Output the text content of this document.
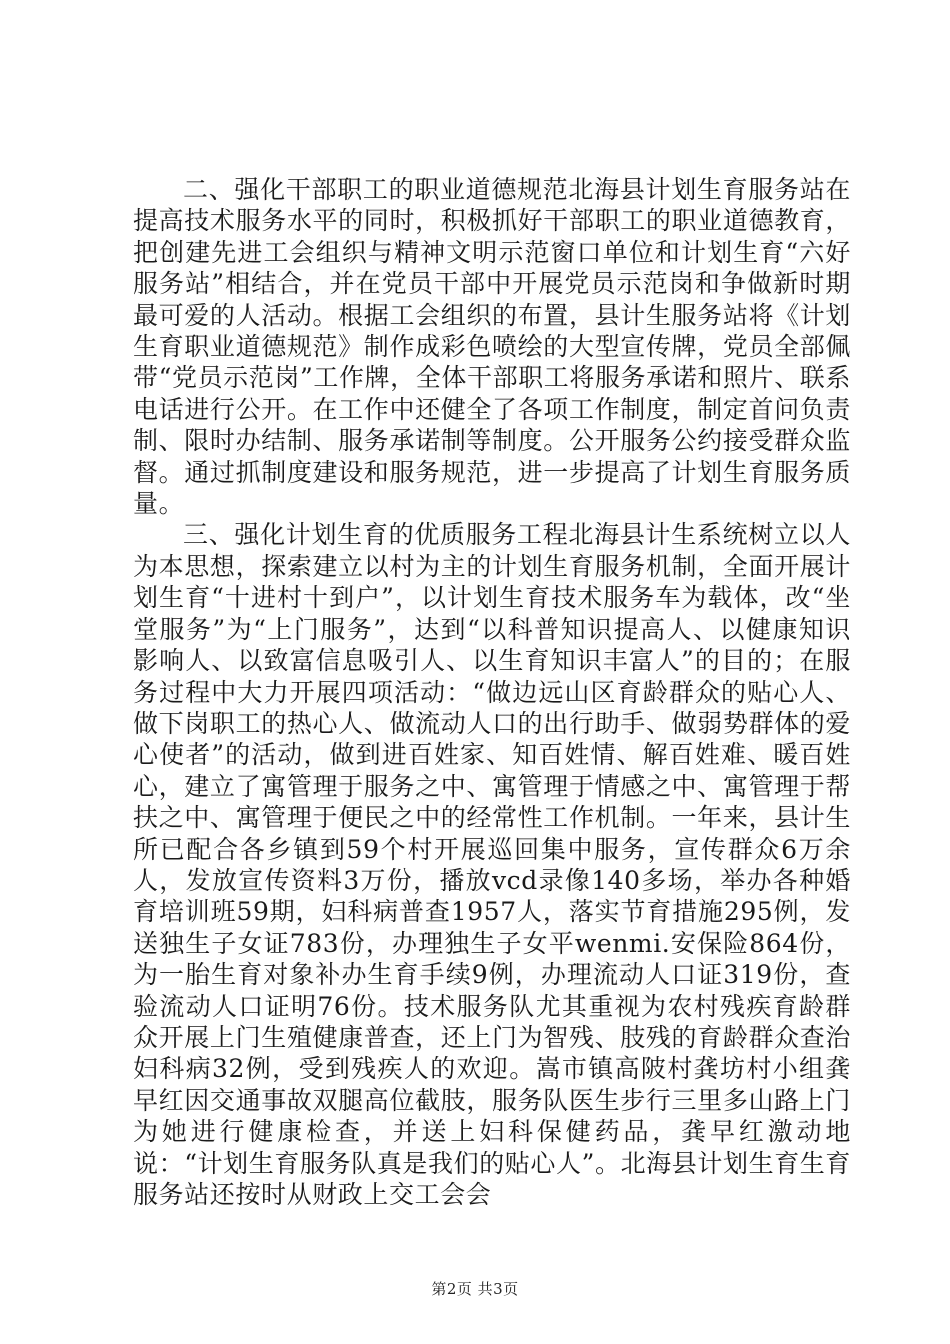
二、强化干部职工的职业道德规范北海县计划生育服务站在提高技术服务水平的同时，积极抓好干部职工的职业道德教育，把创建先进工会组织与精神文明示范窗口单位和计划生育“六好服务站”相结合，并在党员干部中开展党员示范岗和争做新时期最可爱的人活动。根据工会组织的布置，县计生服务站将《计划生育职业道德规范》制作成彩色喷绘的大型宣传牌，党员全部佩带“党员示范岗”工作牌，全体干部职工将服务承诺和照片、联系电话进行公开。在工作中还健全了各项工作制度，制定首问负责制、限时办结制、服务承诺制等制度。公开服务公约接受群众监督。通过抓制度建设和服务规范，进一步提高了计划生育服务质量。

三、强化计划生育的优质服务工程北海县计生系统树立以人为本思想，探索建立以村为主的计划生育服务机制，全面开展计划生育“十进村十到户”，以计划生育技术服务车为载体，改“坐堂服务”为“上门服务”，达到“以科普知识提高人、以健康知识影响人、以致富信息吸引人、以生育知识丰富人”的目的；在服务过程中大力开展四项活动：“做边远山区育龄群众的贴心人、做下岗职工的热心人、做流动人口的出行助手、做弱势群体的爱心使者”的活动，做到进百姓家、知百姓情、解百姓难、暖百姓心，建立了寓管理于服务之中、寓管理于情感之中、寓管理于帮扶之中、寓管理于便民之中的经常性工作机制。一年来，县计生所已配合各乡镇到59个村开展巡回集中服务，宣传群众6万余人，发放宣传资料3万份，播放vcd录像140多场，举办各种婚育培训班59期，妇科病普查1957人，落实节育措施295例，发送独生子女证783份，办理独生子女平wenmi.安保险864份，为一胎生育对象补办生育手续9例，办理流动人口证319份，查验流动人口证明76份。技术服务队尤其重视为农村残疾育龄群众开展上门生殖健康普查，还上门为智残、肢残的育龄群众查治妇科病32例，受到残疾人的欢迎。嵩市镇高陂村龚坊村小组龚早红因交通事故双腿高位截肢，服务队医生步行三里多山路上门为她进行健康检查，并送上妇科保健药品，龚早红激动地说：“计划生育服务队真是我们的贴心人”。北海县计划生育生育服务站还按时从财政上交工会会

第2页 共3页
